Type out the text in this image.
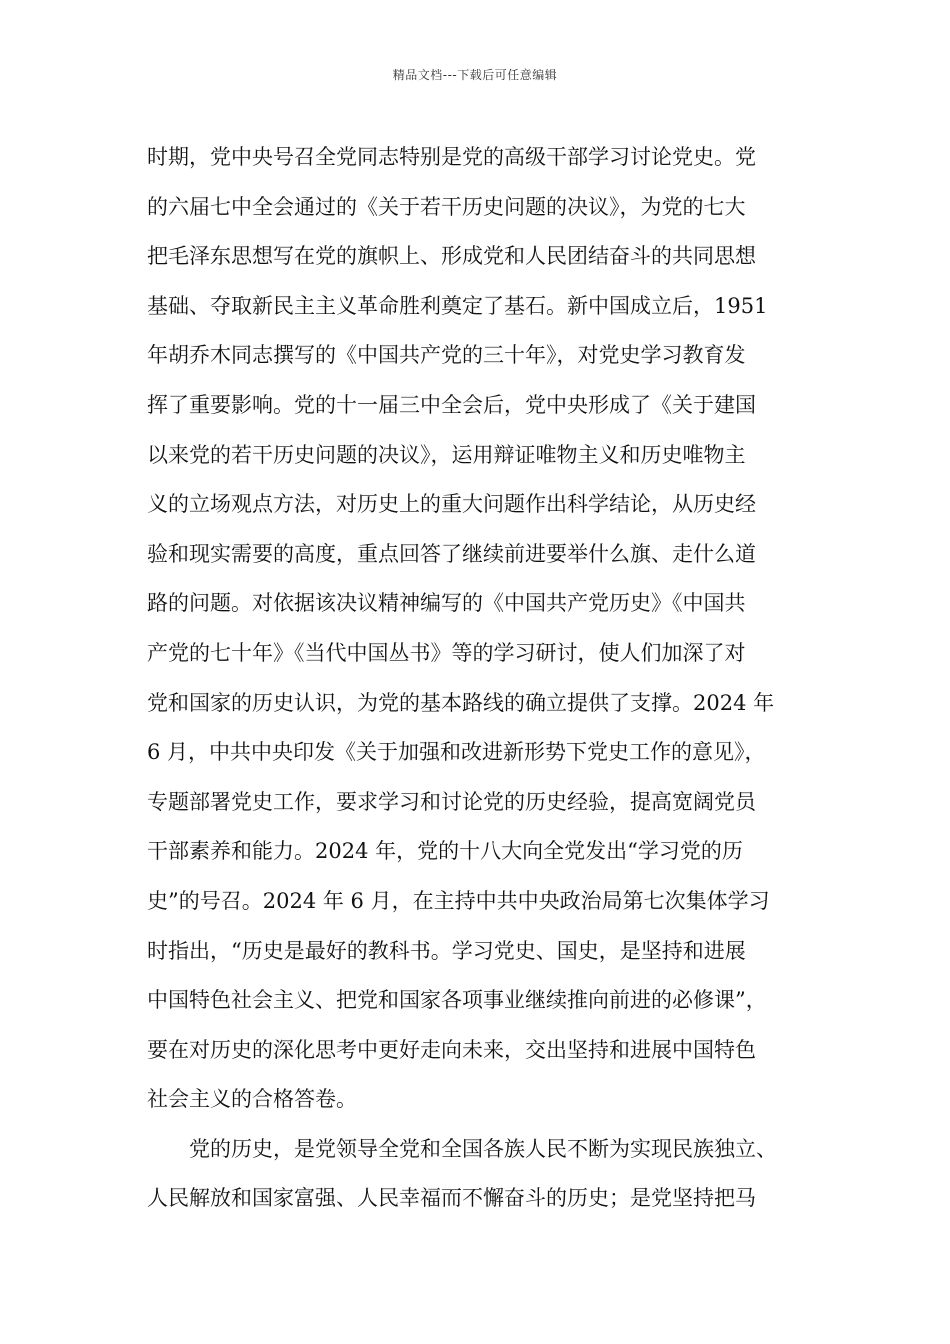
精品文档---下载后可任意编辑
时期，党中央号召全党同志特别是党的高级干部学习讨论党史。党
的六届七中全会通过的《关于若干历史问题的决议》，为党的七大
把毛泽东思想写在党的旗帜上、形成党和人民团结奋斗的共同思想
基础、夺取新民主主义革命胜利奠定了基石。新中国成立后，1951
年胡乔木同志撰写的《中国共产党的三十年》，对党史学习教育发
挥了重要影响。党的十一届三中全会后，党中央形成了《关于建国
以来党的若干历史问题的决议》，运用辩证唯物主义和历史唯物主
义的立场观点方法，对历史上的重大问题作出科学结论，从历史经
验和现实需要的高度，重点回答了继续前进要举什么旗、走什么道
路的问题。对依据该决议精神编写的《中国共产党历史》《中国共
产党的七十年》《当代中国丛书》等的学习研讨，使人们加深了对
党和国家的历史认识，为党的基本路线的确立提供了支撑。2024 年
6 月，中共中央印发《关于加强和改进新形势下党史工作的意见》，
专题部署党史工作，要求学习和讨论党的历史经验，提高宽阔党员
干部素养和能力。2024 年，党的十八大向全党发出“学习党的历
史”的号召。2024 年 6 月，在主持中共中央政治局第七次集体学习
时指出，“历史是最好的教科书。学习党史、国史，是坚持和进展
中国特色社会主义、把党和国家各项事业继续推向前进的必修课”，
要在对历史的深化思考中更好走向未来，交出坚持和进展中国特色
社会主义的合格答卷。
　　党的历史，是党领导全党和全国各族人民不断为实现民族独立、
人民解放和国家富强、人民幸福而不懈奋斗的历史；是党坚持把马
